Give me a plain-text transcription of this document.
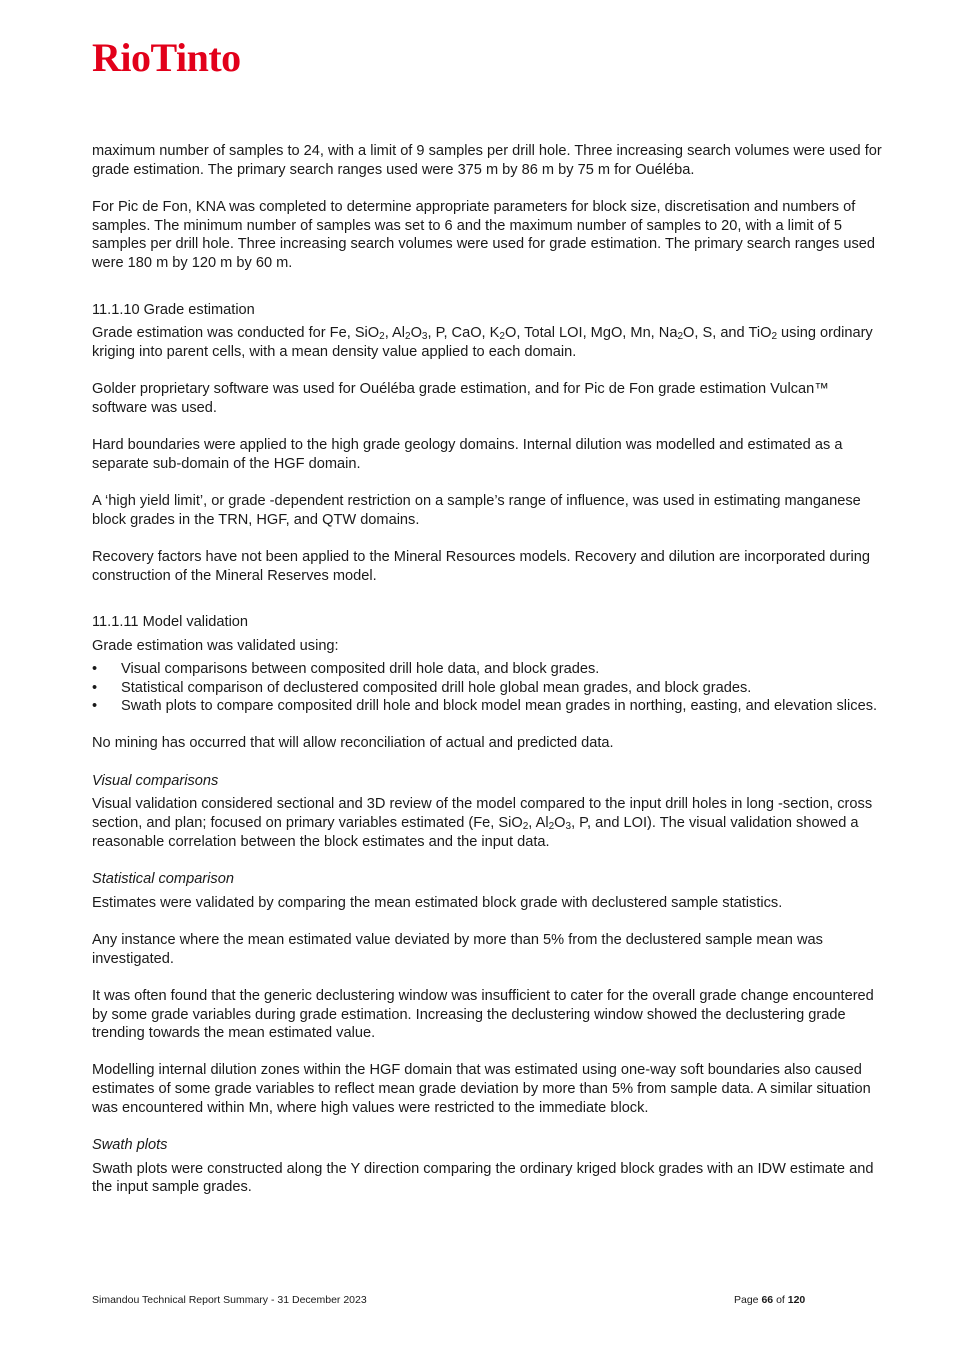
RioTinto

maximum number of samples to 24, with a limit of 9 samples per drill hole. Three increasing search volumes were used for grade estimation. The primary search ranges used were 375 m by 86 m by 75 m for Ouéléba.

For Pic de Fon, KNA was completed to determine appropriate parameters for block size, discretisation and numbers of samples. The minimum number of samples was set to 6 and the maximum number of samples to 20, with a limit of 5 samples per drill hole. Three increasing search volumes were used for grade estimation. The primary search ranges used were 180 m by 120 m by 60 m.

11.1.10 Grade estimation

Grade estimation was conducted for Fe, SiO$_2$, $Al_2O_3$, P, CaO, $K_2O$, Total LOI, MgO, Mn, $Na_2O$, S, and TiO$_2$ using ordinary kriging into parent cells, with a mean density value applied to each domain.

Golder proprietary software was used for Ouéléba grade estimation, and for Pic de Fon grade estimation Vulcan™ software was used.

Hard boundaries were applied to the high grade geology domains. Internal dilution was modelled and estimated as a separate sub-domain of the HGF domain.

A ‘high yield limit’, or grade -dependent restriction on a sample’s range of influence, was used in estimating manganese block grades in the TRN, HGF, and QTW domains.

Recovery factors have not been applied to the Mineral Resources models. Recovery and dilution are incorporated during construction of the Mineral Reserves model.

11.1.11 Model validation

Grade estimation was validated using:

• Visual comparisons between composited drill hole data, and block grades.
• Statistical comparison of declustered composited drill hole global mean grades, and block grades.
• Swath plots to compare composited drill hole and block model mean grades in northing, easting, and elevation slices.

No mining has occurred that will allow reconciliation of actual and predicted data.

Visual comparisons

Visual validation considered sectional and 3D review of the model compared to the input drill holes in long -section, cross section, and plan; focused on primary variables estimated (Fe, SiO$_2$, $Al_2O_3$, P, and LOI). The visual validation showed a reasonable correlation between the block estimates and the input data.

Statistical comparison

Estimates were validated by comparing the mean estimated block grade with declustered sample statistics.

Any instance where the mean estimated value deviated by more than 5% from the declustered sample mean was investigated.

It was often found that the generic declustering window was insufficient to cater for the overall grade change encountered by some grade variables during grade estimation. Increasing the declustering window showed the declustering grade trending towards the mean estimated value.

Modelling internal dilution zones within the HGF domain that was estimated using one-way soft boundaries also caused estimates of some grade variables to reflect mean grade deviation by more than 5% from sample data. A similar situation was encountered within Mn, where high values were restricted to the immediate block.

Swath plots

Swath plots were constructed along the Y direction comparing the ordinary kriged block grades with an IDW estimate and the input sample grades.

Simandou Technical Report Summary - 31 December 2023	Page 66 of 120
